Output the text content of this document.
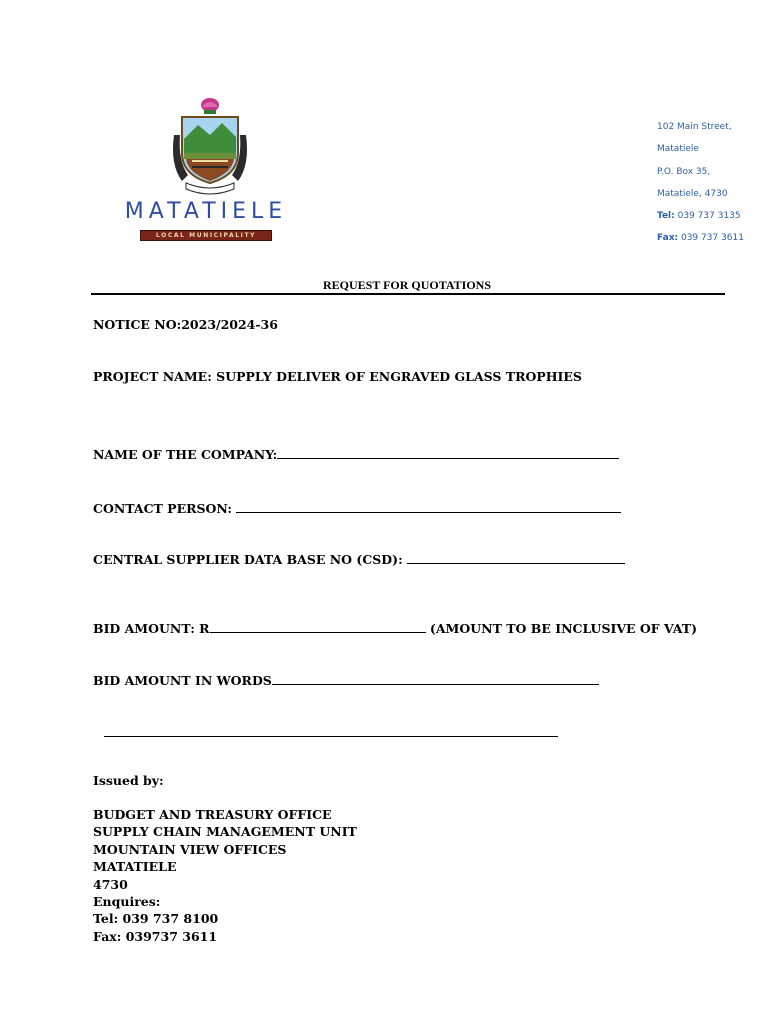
MATATIELE
LOCAL MUNICIPALITY
102 Main Street,
Matatiele
P.O. Box 35,
Matatiele, 4730
Tel: 039 737 3135
Fax: 039 737 3611
REQUEST FOR QUOTATIONS
NOTICE NO:2023/2024-36
PROJECT NAME: SUPPLY DELIVER OF ENGRAVED GLASS TROPHIES
NAME OF THE COMPANY:
CONTACT PERSON:
CENTRAL SUPPLIER DATA BASE NO (CSD):
BID AMOUNT: R	(AMOUNT TO BE INCLUSIVE OF VAT)
BID AMOUNT IN WORDS
Issued by:
BUDGET AND TREASURY OFFICE
SUPPLY CHAIN MANAGEMENT UNIT
MOUNTAIN VIEW OFFICES
MATATIELE
4730
Enquires:
Tel: 039 737 8100
Fax: 039737 3611
